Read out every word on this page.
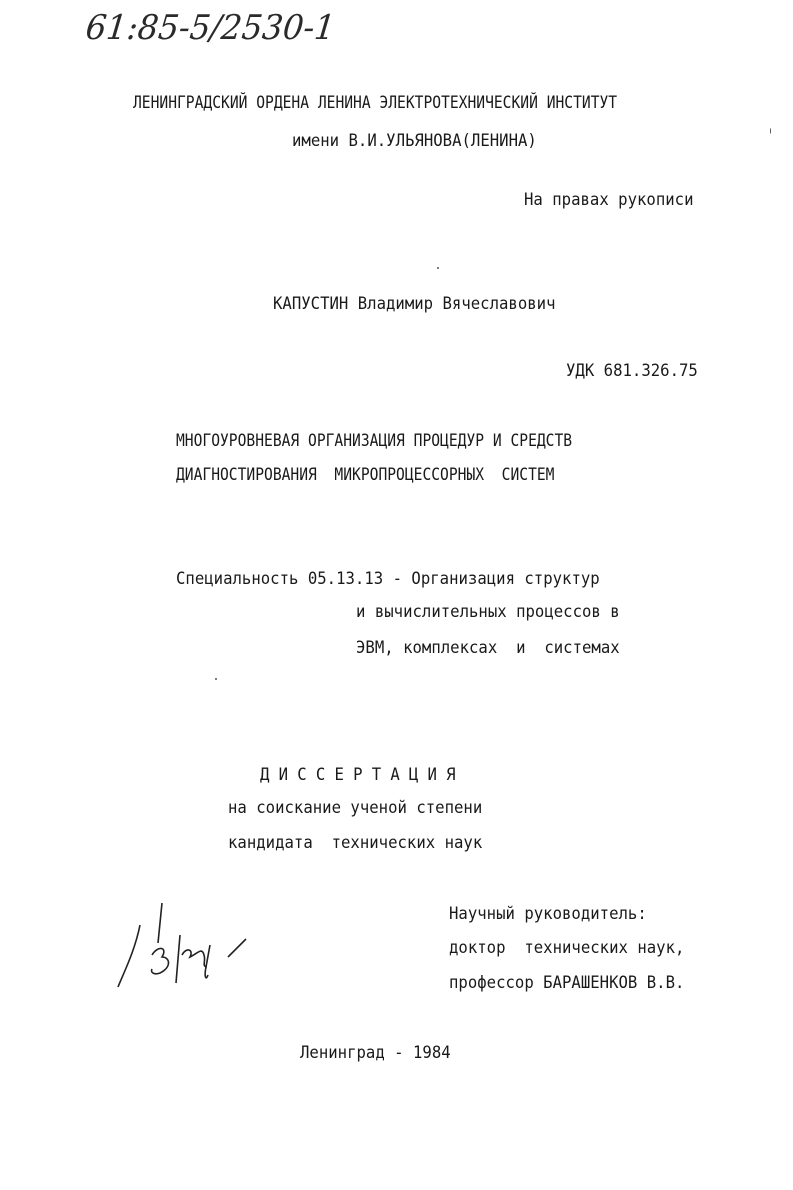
61:85-5/2530-1
ЛЕНИНГРАДСКИЙ ОРДЕНА ЛЕНИНА ЭЛЕКТРОТЕХНИЧЕСКИЙ ИНСТИТУТ
имени В.И.УЛЬЯНОВА(ЛЕНИНА)
На правах рукописи
КАПУСТИН Владимир Вячеславович
УДК 681.326.75
МНОГОУРОВНЕВАЯ ОРГАНИЗАЦИЯ ПРОЦЕДУР И СРЕДСТВ
ДИАГНОСТИРОВАНИЯ  МИКРОПРОЦЕССОРНЫХ  СИСТЕМ
Специальность 05.13.13 - Организация структур
и вычислительных процессов в
ЭВМ, комплексах  и  системах
ДИССЕРТАЦИЯ
на соискание ученой степени
кандидата  технических наук
Научный руководитель:
доктор  технических наук,
профессор БАРАШЕНКОВ В.В.
Ленинград - 1984
